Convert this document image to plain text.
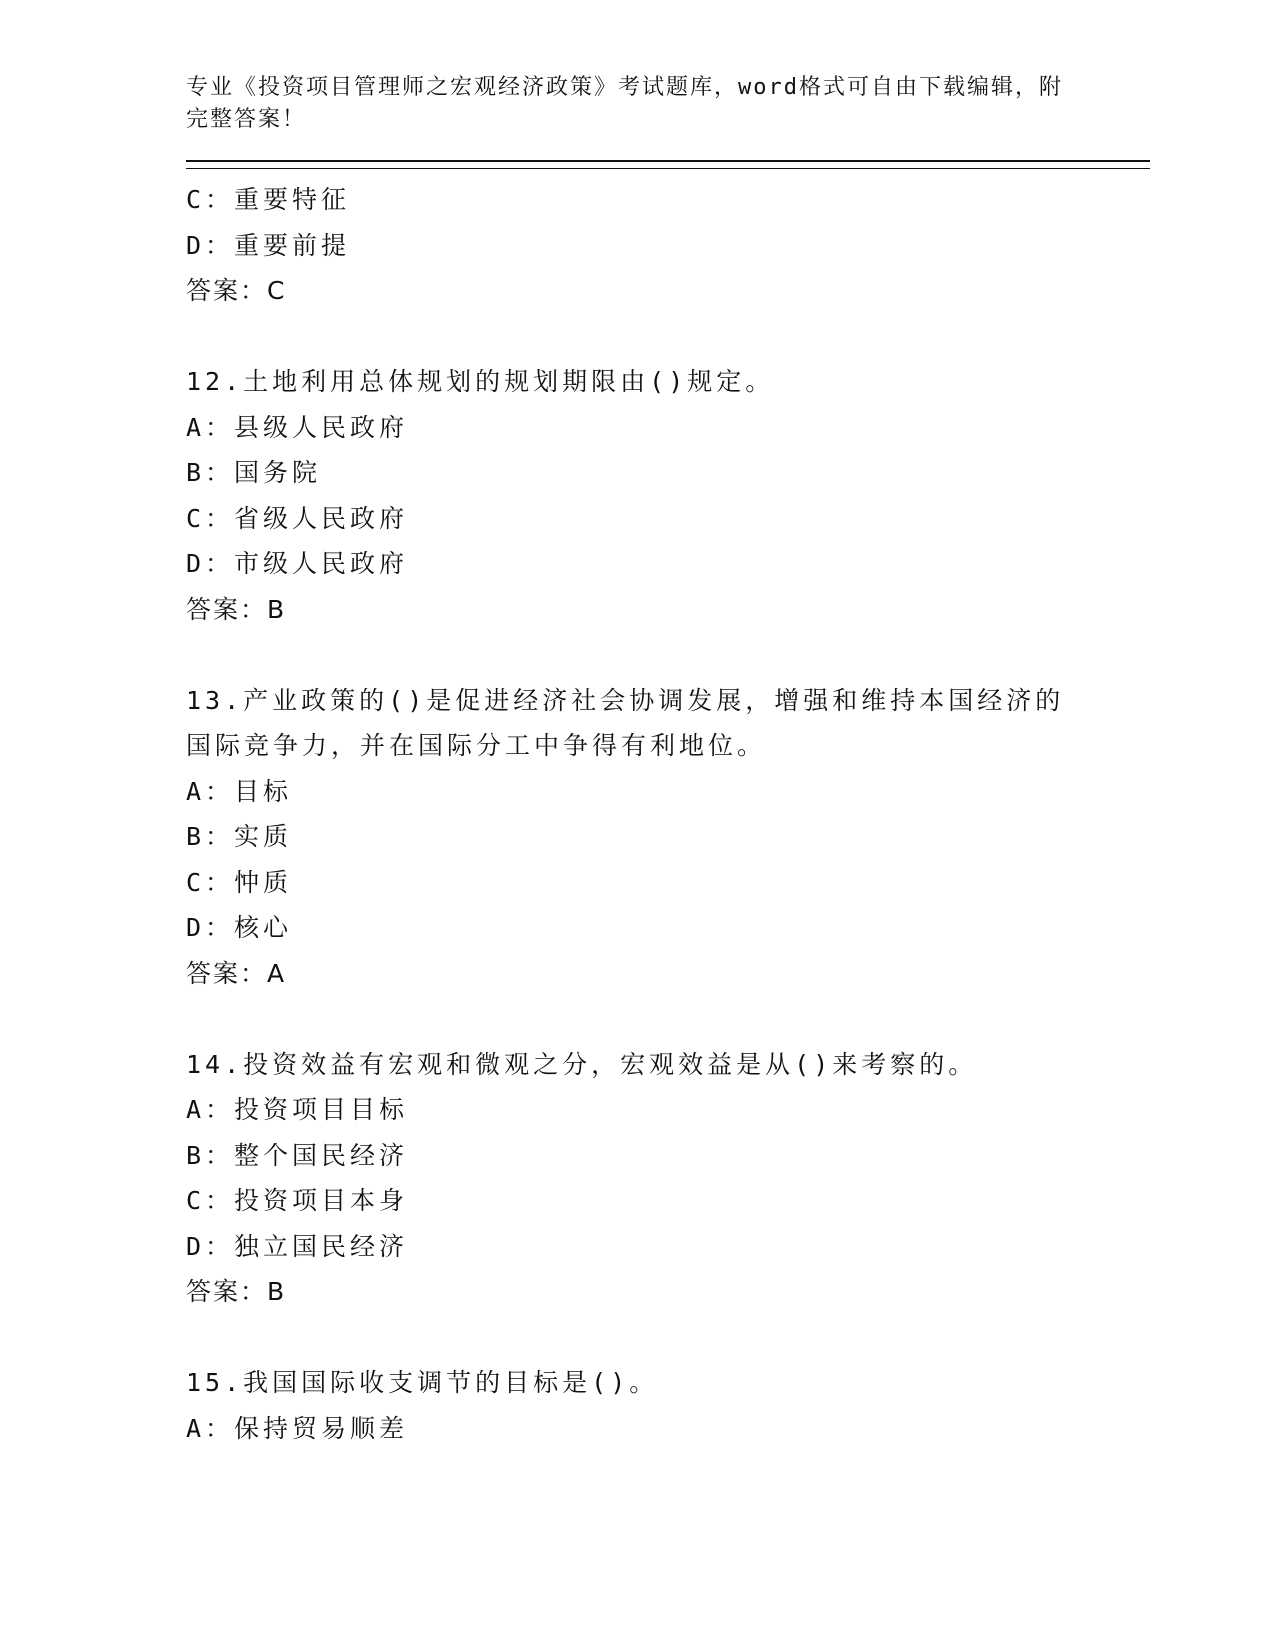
专业《投资项目管理师之宏观经济政策》考试题库，word格式可自由下载编辑，附完整答案！
C：重要特征
D：重要前提
答案：C
12.土地利用总体规划的规划期限由()规定。
A：县级人民政府
B：国务院
C：省级人民政府
D：市级人民政府
答案：B
13.产业政策的()是促进经济社会协调发展，增强和维持本国经济的国际竞争力，并在国际分工中争得有利地位。
A：目标
B：实质
C：忡质
D：核心
答案：A
14.投资效益有宏观和微观之分，宏观效益是从()来考察的。
A：投资项目目标
B：整个国民经济
C：投资项目本身
D：独立国民经济
答案：B
15.我国国际收支调节的目标是()。
A：保持贸易顺差
